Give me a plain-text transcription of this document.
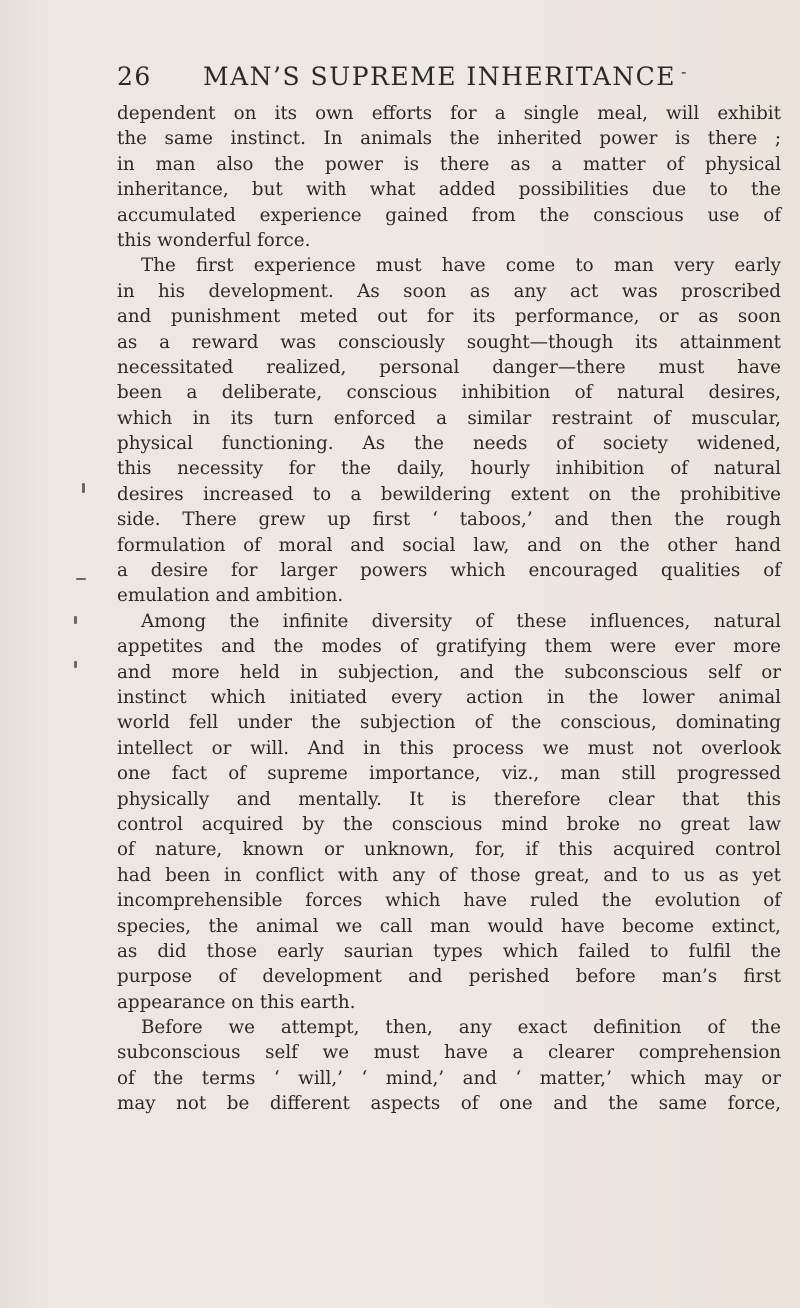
26 MAN’S SUPREME INHERITANCE -
dependent on its own efforts for a single meal, will exhibit
the same instinct. In animals the inherited power is there ;
in man also the power is there as a matter of physical
inheritance, but with what added possibilities due to the
accumulated experience gained from the conscious use of
this wonderful force.
The first experience must have come to man very early
in his development. As soon as any act was proscribed
and punishment meted out for its performance, or as soon
as a reward was consciously sought—though its attainment
necessitated realized, personal danger—there must have
been a deliberate, conscious inhibition of natural desires,
which in its turn enforced a similar restraint of muscular,
physical functioning. As the needs of society widened,
this necessity for the daily, hourly inhibition of natural
desires increased to a bewildering extent on the prohibitive
side. There grew up first ‘ taboos,’ and then the rough
formulation of moral and social law, and on the other hand
a desire for larger powers which encouraged qualities of
emulation and ambition.
Among the infinite diversity of these influences, natural
appetites and the modes of gratifying them were ever more
and more held in subjection, and the subconscious self or
instinct which initiated every action in the lower animal
world fell under the subjection of the conscious, dominating
intellect or will. And in this process we must not overlook
one fact of supreme importance, viz., man still progressed
physically and mentally. It is therefore clear that this
control acquired by the conscious mind broke no great law
of nature, known or unknown, for, if this acquired control
had been in conflict with any of those great, and to us as yet
incomprehensible forces which have ruled the evolution of
species, the animal we call man would have become extinct,
as did those early saurian types which failed to fulfil the
purpose of development and perished before man’s first
appearance on this earth.
Before we attempt, then, any exact definition of the
subconscious self we must have a clearer comprehension
of the terms ‘ will,’ ‘ mind,’ and ‘ matter,’ which may or
may not be different aspects of one and the same force,
